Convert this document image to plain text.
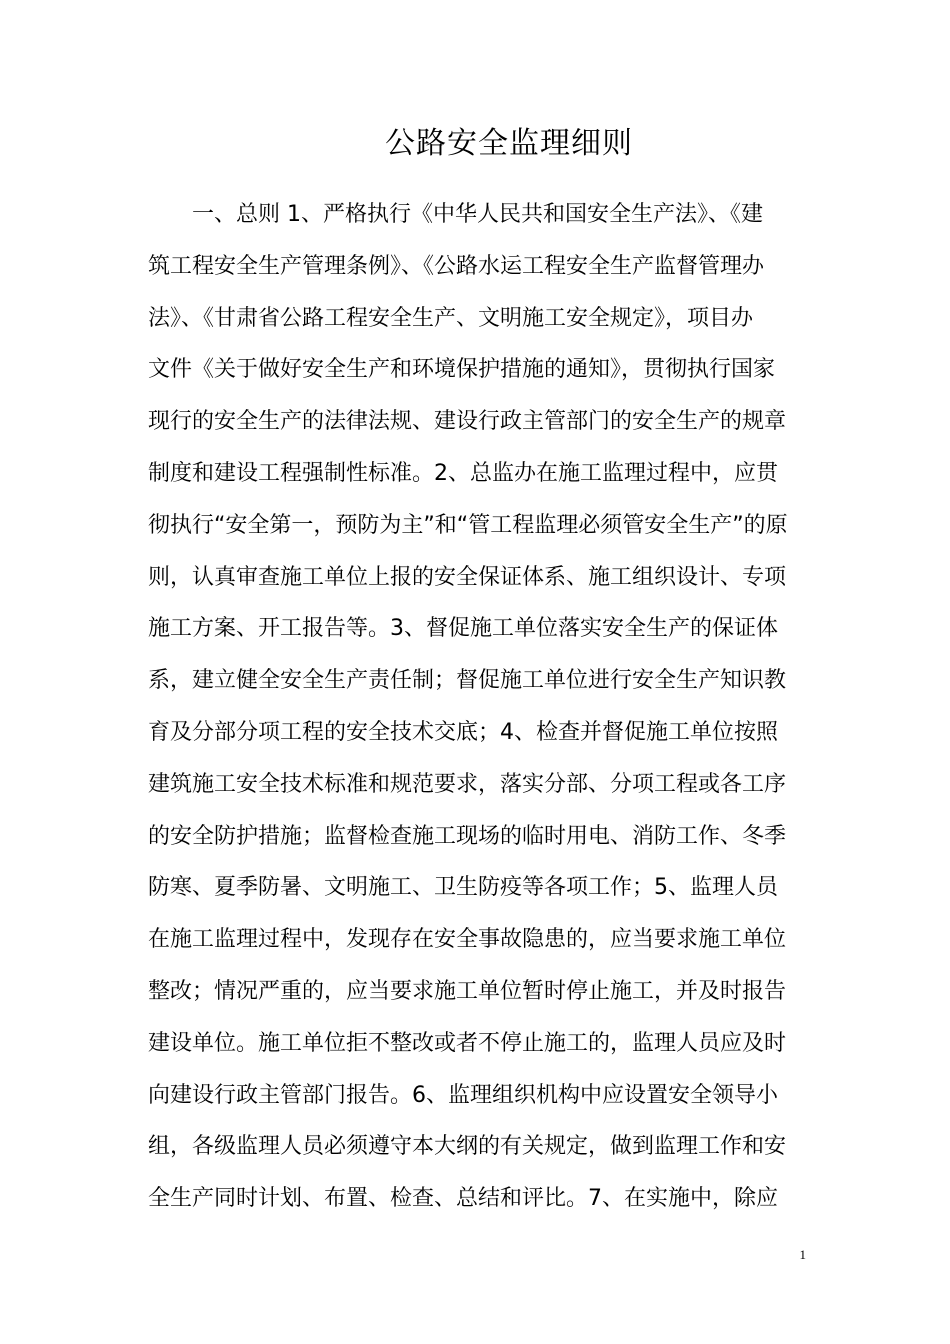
公路安全监理细则
一、总则 1、严格执行《中华人民共和国安全生产法》、《建
筑工程安全生产管理条例》、《公路水运工程安全生产监督管理办
法》、《甘肃省公路工程安全生产、文明施工安全规定》，项目办
文件《关于做好安全生产和环境保护措施的通知》，贯彻执行国家
现行的安全生产的法律法规、建设行政主管部门的安全生产的规章
制度和建设工程强制性标准。2、总监办在施工监理过程中，应贯
彻执行“安全第一，预防为主”和“管工程监理必须管安全生产”的原
则，认真审查施工单位上报的安全保证体系、施工组织设计、专项
施工方案、开工报告等。3、督促施工单位落实安全生产的保证体
系，建立健全安全生产责任制；督促施工单位进行安全生产知识教
育及分部分项工程的安全技术交底；4、检查并督促施工单位按照
建筑施工安全技术标准和规范要求，落实分部、分项工程或各工序
的安全防护措施；监督检查施工现场的临时用电、消防工作、冬季
防寒、夏季防暑、文明施工、卫生防疫等各项工作；5、监理人员
在施工监理过程中，发现存在安全事故隐患的，应当要求施工单位
整改；情况严重的，应当要求施工单位暂时停止施工，并及时报告
建设单位。施工单位拒不整改或者不停止施工的，监理人员应及时
向建设行政主管部门报告。6、监理组织机构中应设置安全领导小
组，各级监理人员必须遵守本大纲的有关规定，做到监理工作和安
全生产同时计划、布置、检查、总结和评比。7、在实施中，除应
1
